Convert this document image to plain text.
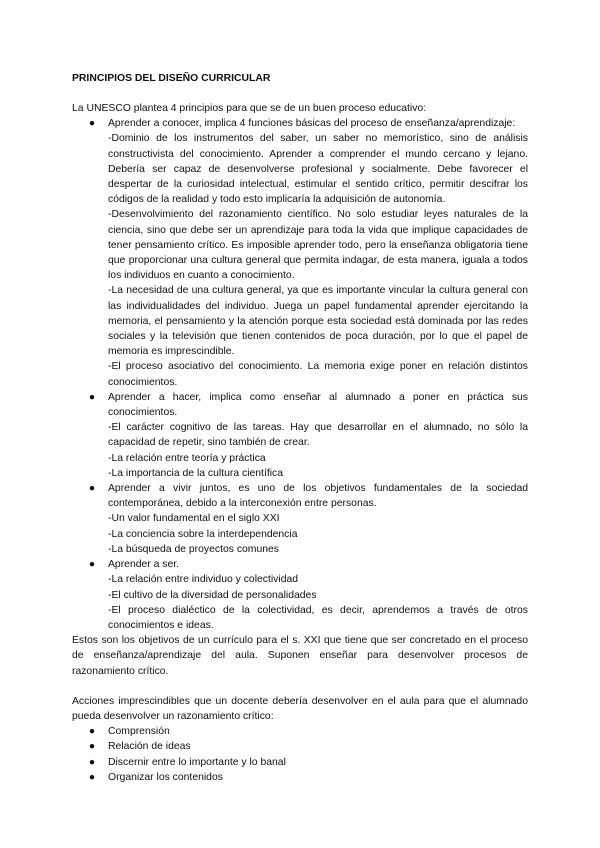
PRINCIPIOS DEL DISEÑO CURRICULAR

La UNESCO plantea 4 principios para que se de un buen proceso educativo:

● Aprender a conocer, implica 4 funciones básicas del proceso de enseñanza/aprendizaje:

-Dominio de los instrumentos del saber, un saber no memorístico, sino de análisis constructivista del conocimiento. Aprender a comprender el mundo cercano y lejano. Debería ser capaz de desenvolverse profesional y socialmente. Debe favorecer el despertar de la curiosidad intelectual, estimular el sentido crítico, permitir descifrar los códigos de la realidad y todo esto implicaría la adquisición de autonomía.

-Desenvolvimiento del razonamiento científico. No solo estudiar leyes naturales de la ciencia, sino que debe ser un aprendizaje para toda la vida que implique capacidades de tener pensamiento crítico. Es imposible aprender todo, pero la enseñanza obligatoria tiene que proporcionar una cultura general que permita indagar, de esta manera, iguala a todos los individuos en cuanto a conocimiento.

-La necesidad de una cultura general, ya que es importante vincular la cultura general con las individualidades del individuo. Juega un papel fundamental aprender ejercitando la memoria, el pensamiento y la atención porque esta sociedad está dominada por las redes sociales y la televisión que tienen contenidos de poca duración, por lo que el papel de memoria es imprescindible.

-El proceso asociativo del conocimiento. La memoria exige poner en relación distintos conocimientos.

● Aprender a hacer, implica como enseñar al alumnado a poner en práctica sus conocimientos.

-El carácter cognitivo de las tareas. Hay que desarrollar en el alumnado, no sólo la capacidad de repetir, sino también de crear.

-La relación entre teoría y práctica

-La importancia de la cultura científica

● Aprender a vivir juntos, es uno de los objetivos fundamentales de la sociedad contemporánea, debido a la interconexión entre personas.

-Un valor fundamental en el siglo XXI

-La conciencia sobre la interdependencia

-La búsqueda de proyectos comunes

● Aprender a ser.

-La relación entre individuo y colectividad

-El cultivo de la diversidad de personalidades

-El proceso dialéctico de la colectividad, es decir, aprendemos a través de otros conocimientos e ideas.

Estos son los objetivos de un currículo para el s. XXI que tiene que ser concretado en el proceso de enseñanza/aprendizaje del aula. Suponen enseñar para desenvolver procesos de razonamiento crítico.

Acciones imprescindibles que un docente debería desenvolver en el aula para que el alumnado pueda desenvolver un razonamiento crítico:

● Comprensión

● Relación de ideas

● Discernir entre lo importante y lo banal

● Organizar los contenidos
